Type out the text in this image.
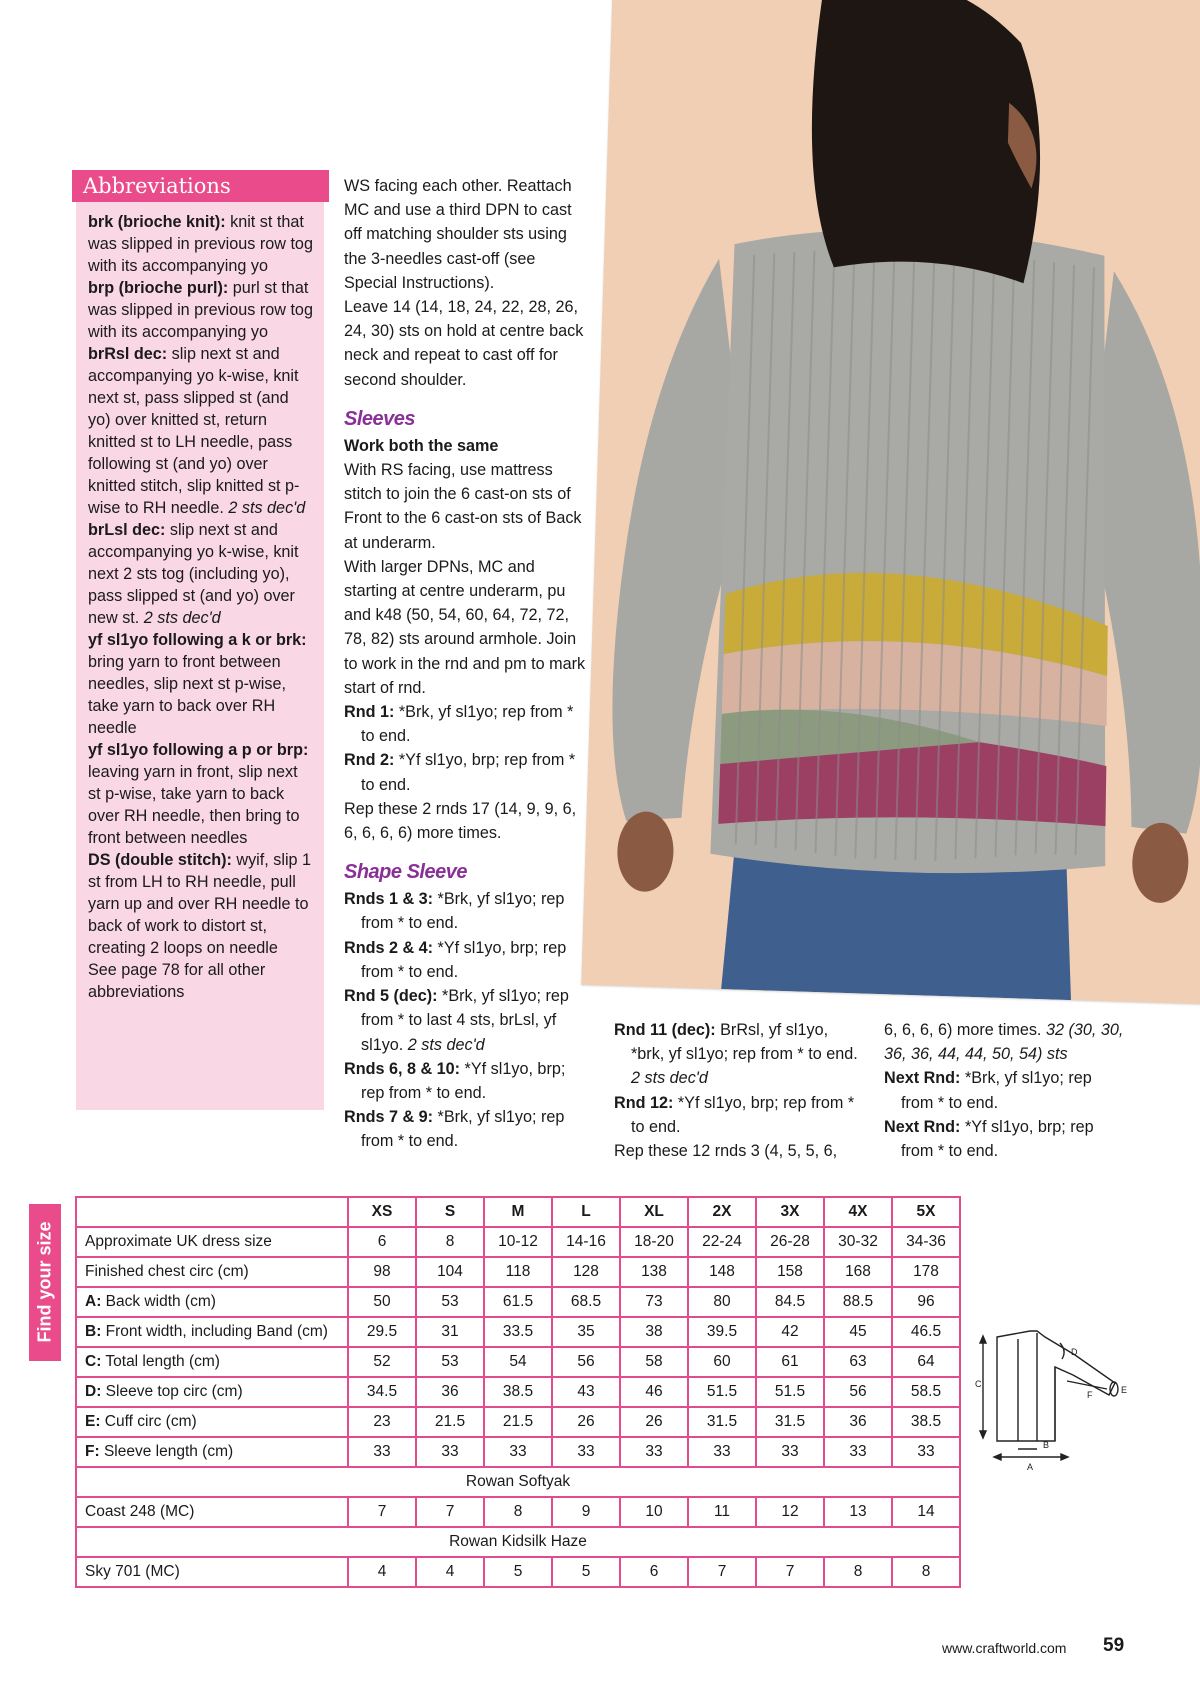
Abbreviations

brk (brioche knit): knit st that was slipped in previous row tog with its accompanying yo

brp (brioche purl): purl st that was slipped in previous row tog with its accompanying yo

brRsl dec: slip next st and accompanying yo k-wise, knit next st, pass slipped st (and yo) over knitted st, return knitted st to LH needle, pass following st (and yo) over knitted stitch, slip knitted st p-wise to RH needle. 2 sts dec'd

brLsl dec: slip next st and accompanying yo k-wise, knit next 2 sts tog (including yo), pass slipped st (and yo) over new st. 2 sts dec'd

yf sl1yo following a k or brk: bring yarn to front between needles, slip next st p-wise, take yarn to back over RH needle

yf sl1yo following a p or brp: leaving yarn in front, slip next st p-wise, take yarn to back over RH needle, then bring to front between needles

DS (double stitch): wyif, slip 1 st from LH to RH needle, pull yarn up and over RH needle to back of work to distort st, creating 2 loops on needle

See page 78 for all other abbreviations

WS facing each other. Reattach MC and use a third DPN to cast off matching shoulder sts using the 3-needles cast-off (see Special Instructions).

Leave 14 (14, 18, 24, 22, 28, 26, 24, 30) sts on hold at centre back neck and repeat to cast off for second shoulder.

Sleeves

Work both the same

With RS facing, use mattress stitch to join the 6 cast-on sts of Front to the 6 cast-on sts of Back at underarm.

With larger DPNs, MC and starting at centre underarm, pu and k48 (50, 54, 60, 64, 72, 72, 78, 82) sts around armhole. Join to work in the rnd and pm to mark start of rnd.

Rnd 1: *Brk, yf sl1yo; rep from * to end.

Rnd 2: *Yf sl1yo, brp; rep from * to end.

Rep these 2 rnds 17 (14, 9, 9, 6, 6, 6, 6, 6) more times.

Shape Sleeve

Rnds 1 & 3: *Brk, yf sl1yo; rep from * to end.

Rnds 2 & 4: *Yf sl1yo, brp; rep from * to end.

Rnd 5 (dec): *Brk, yf sl1yo; rep from * to last 4 sts, brLsl, yf sl1yo. 2 sts dec'd

Rnds 6, 8 & 10: *Yf sl1yo, brp; rep from * to end.

Rnds 7 & 9: *Brk, yf sl1yo; rep from * to end.

Rnd 11 (dec): BrRsl, yf sl1yo, *brk, yf sl1yo; rep from * to end. 2 sts dec'd

Rnd 12: *Yf sl1yo, brp; rep from * to end.

Rep these 12 rnds 3 (4, 5, 5, 6,

6, 6, 6, 6) more times. 32 (30, 30, 36, 36, 44, 44, 50, 54) sts

Next Rnd: *Brk, yf sl1yo; rep from * to end.

Next Rnd: *Yf sl1yo, brp; rep from * to end.

Find your size
	XS	S	M	L	XL	2X	3X	4X	5X
Approximate UK dress size	6	8	10-12	14-16	18-20	22-24	26-28	30-32	34-36
Finished chest circ (cm)	98	104	118	128	138	148	158	168	178
A: Back width (cm)	50	53	61.5	68.5	73	80	84.5	88.5	96
B: Front width, including Band (cm)	29.5	31	33.5	35	38	39.5	42	45	46.5
C: Total length (cm)	52	53	54	56	58	60	61	63	64
D: Sleeve top circ (cm)	34.5	36	38.5	43	46	51.5	51.5	56	58.5
E: Cuff circ (cm)	23	21.5	21.5	26	26	31.5	31.5	36	38.5
F: Sleeve length (cm)	33	33	33	33	33	33	33	33	33
Rowan Softyak									
Coast 248 (MC)	7	7	8	9	10	11	12	13	14
Rowan Kidsilk Haze									
Sky 701 (MC)	4	4	5	5	6	7	7	8	8
C
A
B
D
E
F
www.craftworld.com 59
